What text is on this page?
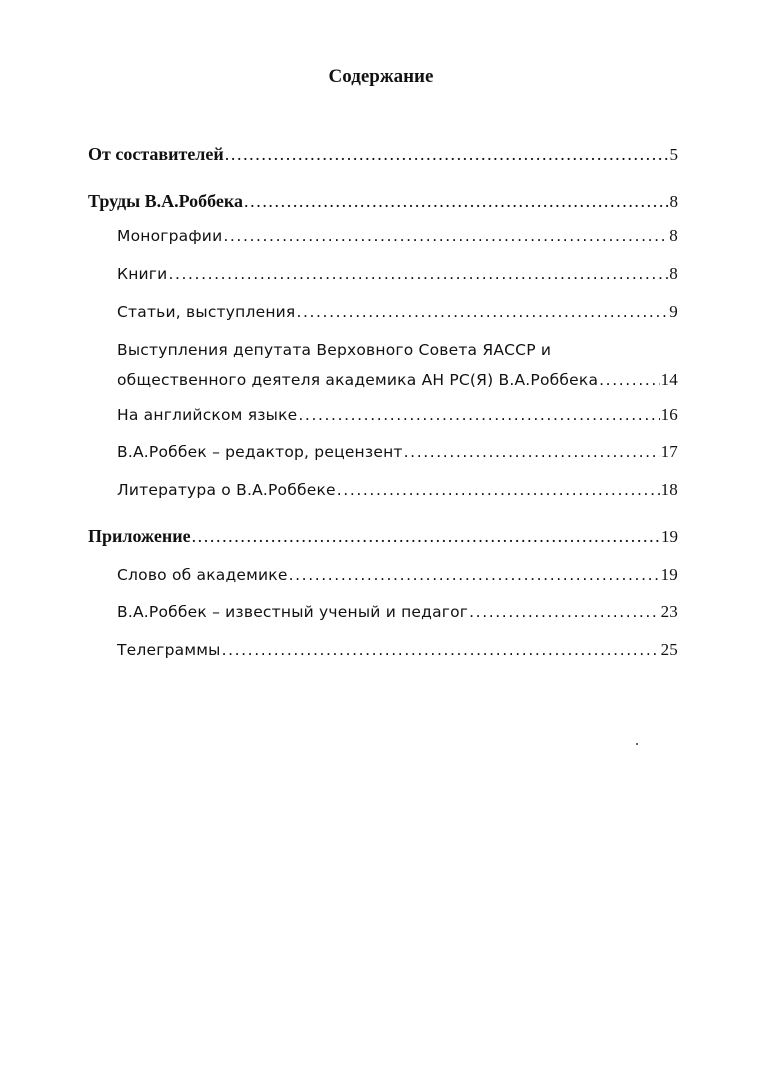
Содержание
От составителей .....	5
Труды В.А.Роббека .....	8
Монографии .....	8
Книги .....	8
Статьи, выступления .....	9
Выступления депутата Верховного Совета ЯАССР и
общественного деятеля академика АН РС(Я) В.А.Роббека .....	14
На английском языке .....	16
В.А.Роббек – редактор, рецензент .....	17
Литература о В.А.Роббеке .....	18
Приложение .....	19
Слово об академике .....	19
В.А.Роббек – известный ученый и педагог .....	23
Телеграммы .....	25
